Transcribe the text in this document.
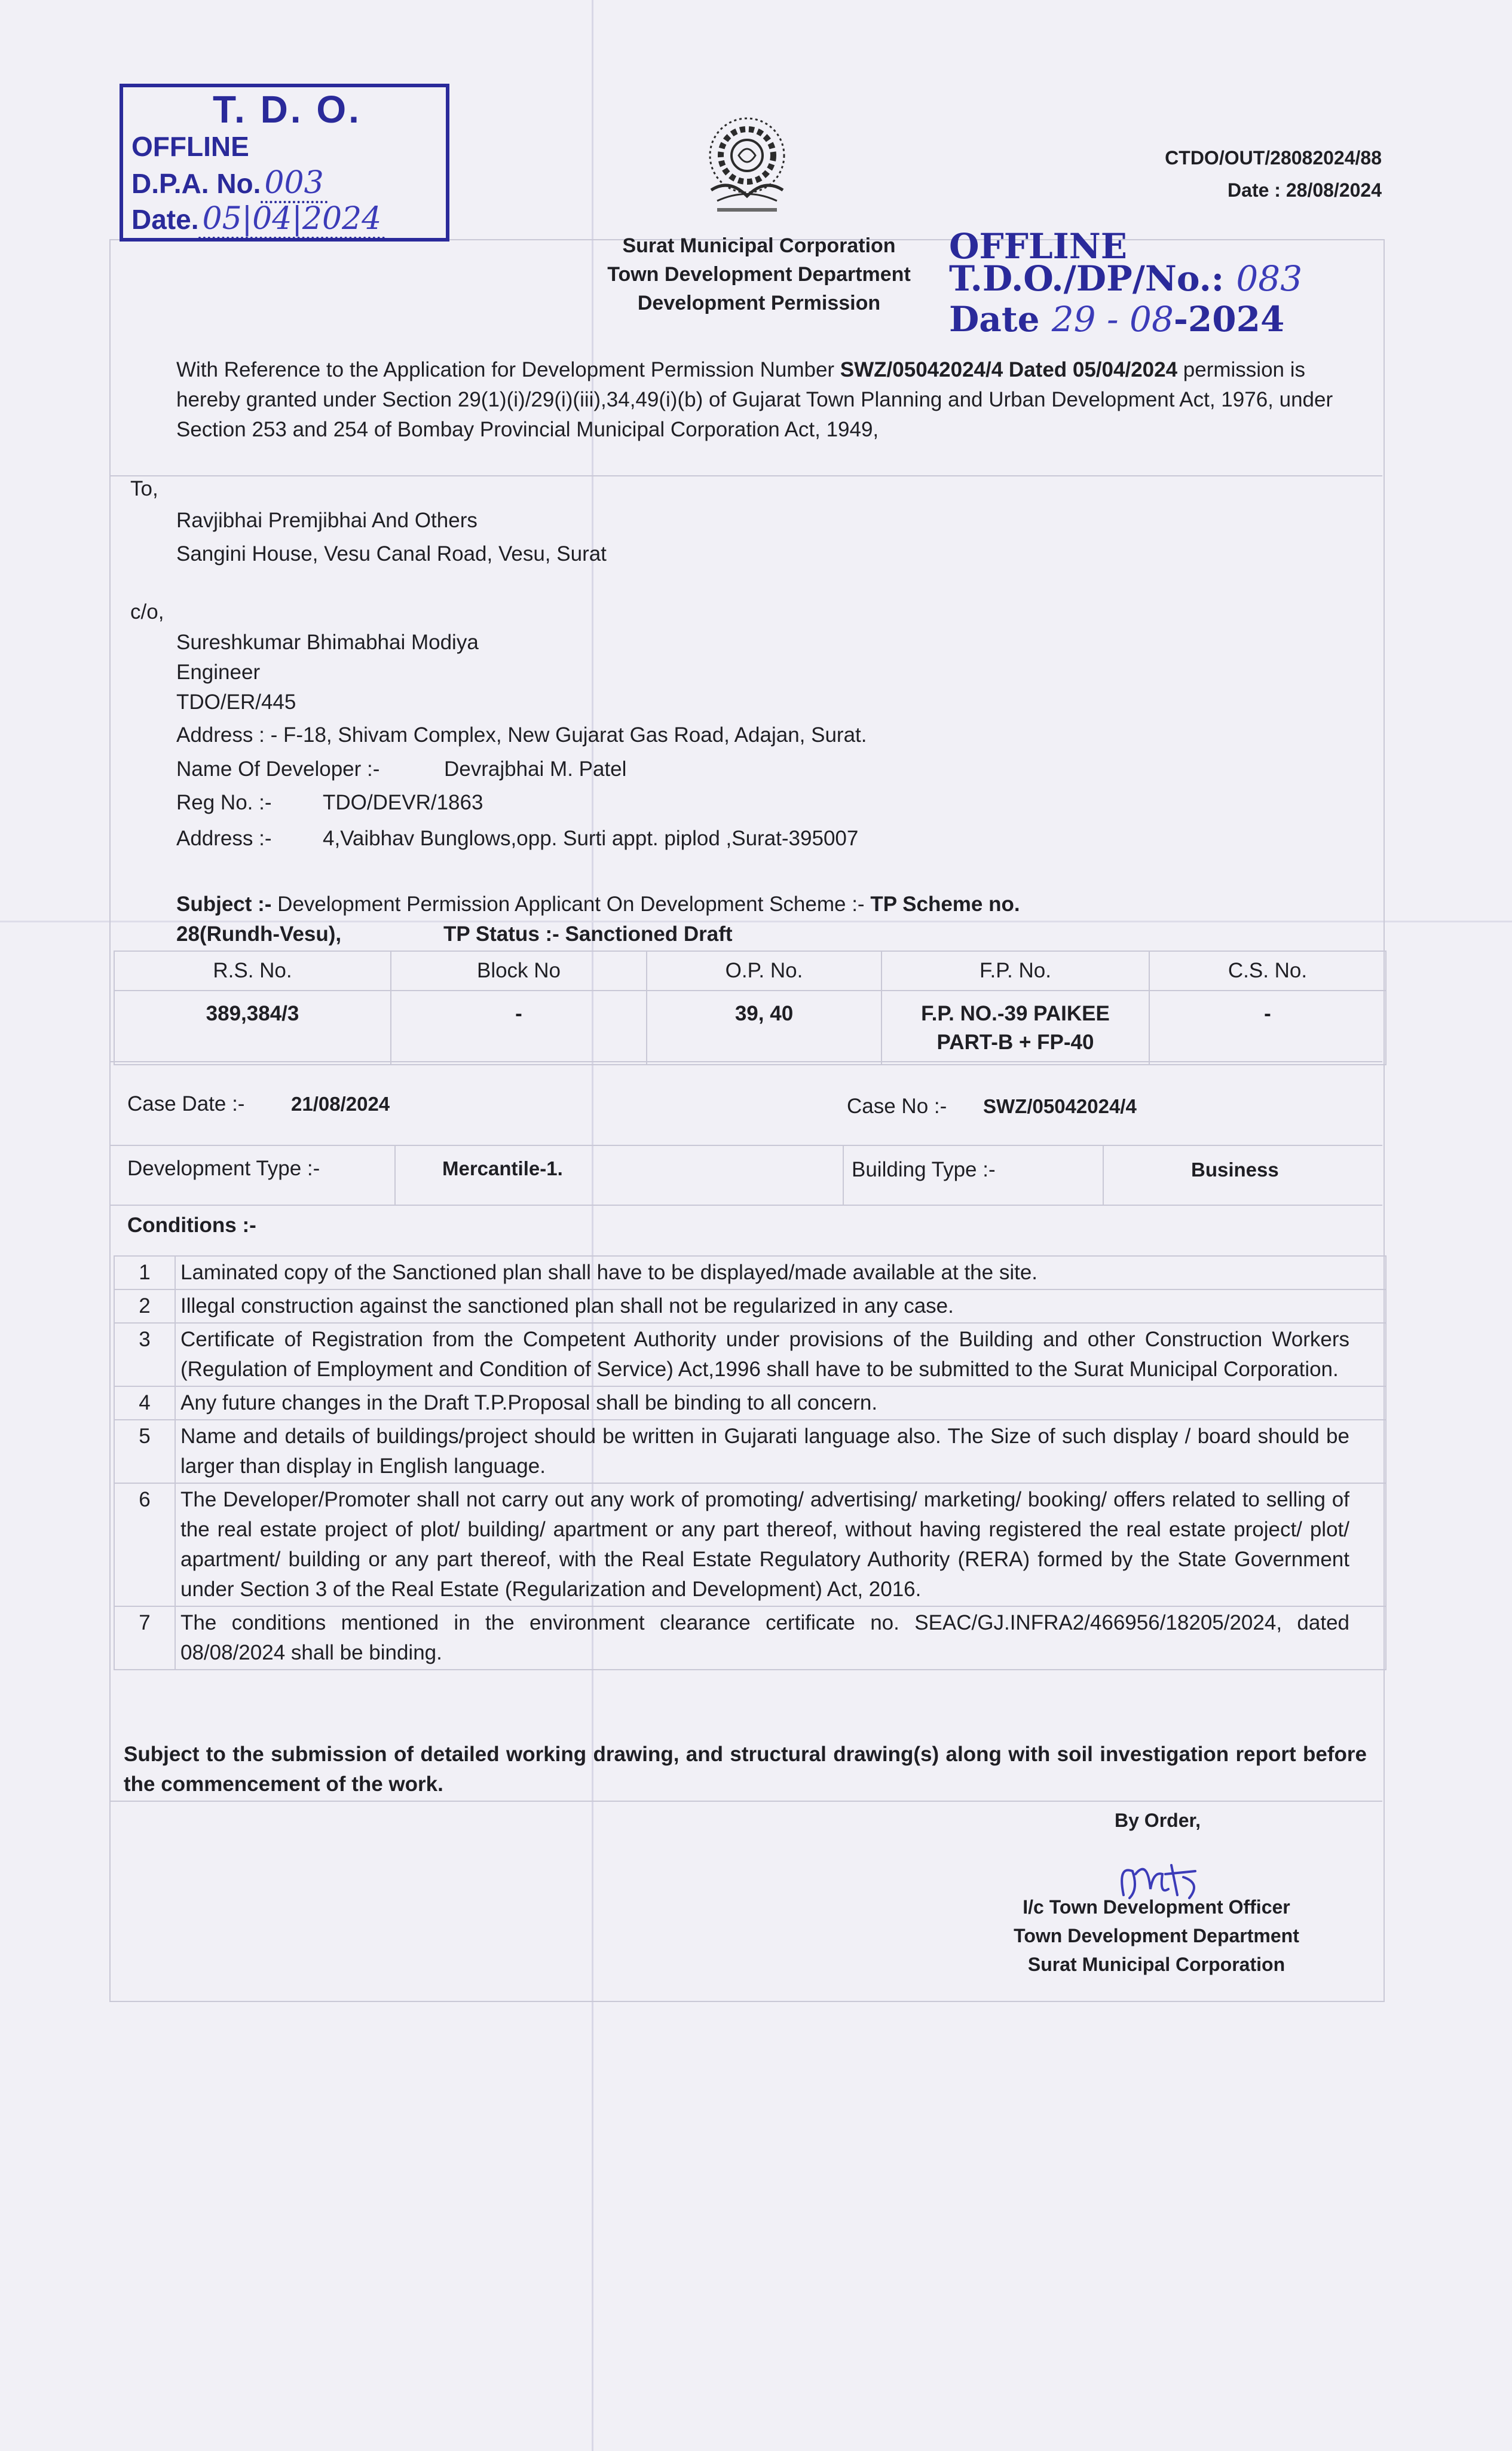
T. D. O.
OFFLINE
D.P.A. No. 003
Date. 05|04|2024
Surat Municipal Corporation
Town Development Department
Development Permission
CTDO/OUT/28082024/88
Date : 28/08/2024
OFFLINE
T.D.O./DP/No.: 083
Date 29 - 08-2024
With Reference to the Application for Development Permission Number SWZ/05042024/4 Dated 05/04/2024 permission is hereby granted under Section 29(1)(i)/29(i)(iii),34,49(i)(b) of Gujarat Town Planning and Urban Development Act, 1976, under Section 253 and 254 of Bombay Provincial Municipal Corporation Act, 1949,
To,
Ravjibhai Premjibhai And Others
Sangini House, Vesu Canal Road, Vesu, Surat
c/o,
Sureshkumar Bhimabhai Modiya
Engineer
TDO/ER/445
Address : - F-18, Shivam Complex, New Gujarat Gas Road, Adajan, Surat.
Name Of Developer :-	Devrajbhai M. Patel
Reg No. :- TDO/DEVR/1863
Address :- 4,Vaibhav Bunglows,opp. Surti appt. piplod ,Surat-395007
Subject :- Development Permission Applicant On Development Scheme :- TP Scheme no.
28(Rundh-Vesu),	TP Status :- Sanctioned Draft
R.S. No.	Block No	O.P. No.	F.P. No.	C.S. No.
389,384/3	-	39, 40	F.P. NO.-39 PAIKEE PART-B + FP-40	-
Case Date :- 21/08/2024	Case No :- SWZ/05042024/4
Development Type :-	Mercantile-1.	Building Type :-	Business
Conditions :-
1	Laminated copy of the Sanctioned plan shall have to be displayed/made available at the site.
2	Illegal construction against the sanctioned plan shall not be regularized in any case.
3	Certificate of Registration from the Competent Authority under provisions of the Building and other Construction Workers (Regulation of Employment and Condition of Service) Act,1996 shall have to be submitted to the Surat Municipal Corporation.
4	Any future changes in the Draft T.P.Proposal shall be binding to all concern.
5	Name and details of buildings/project should be written in Gujarati language also. The Size of such display / board should be larger than display in English language.
6	The Developer/Promoter shall not carry out any work of promoting/ advertising/ marketing/ booking/ offers related to selling of the real estate project of plot/ building/ apartment or any part thereof, without having registered the real estate project/ plot/ apartment/ building or any part thereof, with the Real Estate Regulatory Authority (RERA) formed by the State Government under Section 3 of the Real Estate (Regularization and Development) Act, 2016.
7	The conditions mentioned in the environment clearance certificate no. SEAC/GJ.INFRA2/466956/18205/2024, dated 08/08/2024 shall be binding.
Subject to the submission of detailed working drawing, and structural drawing(s) along with soil investigation report before the commencement of the work.
By Order,
I/c Town Development Officer
Town Development Department
Surat Municipal Corporation
